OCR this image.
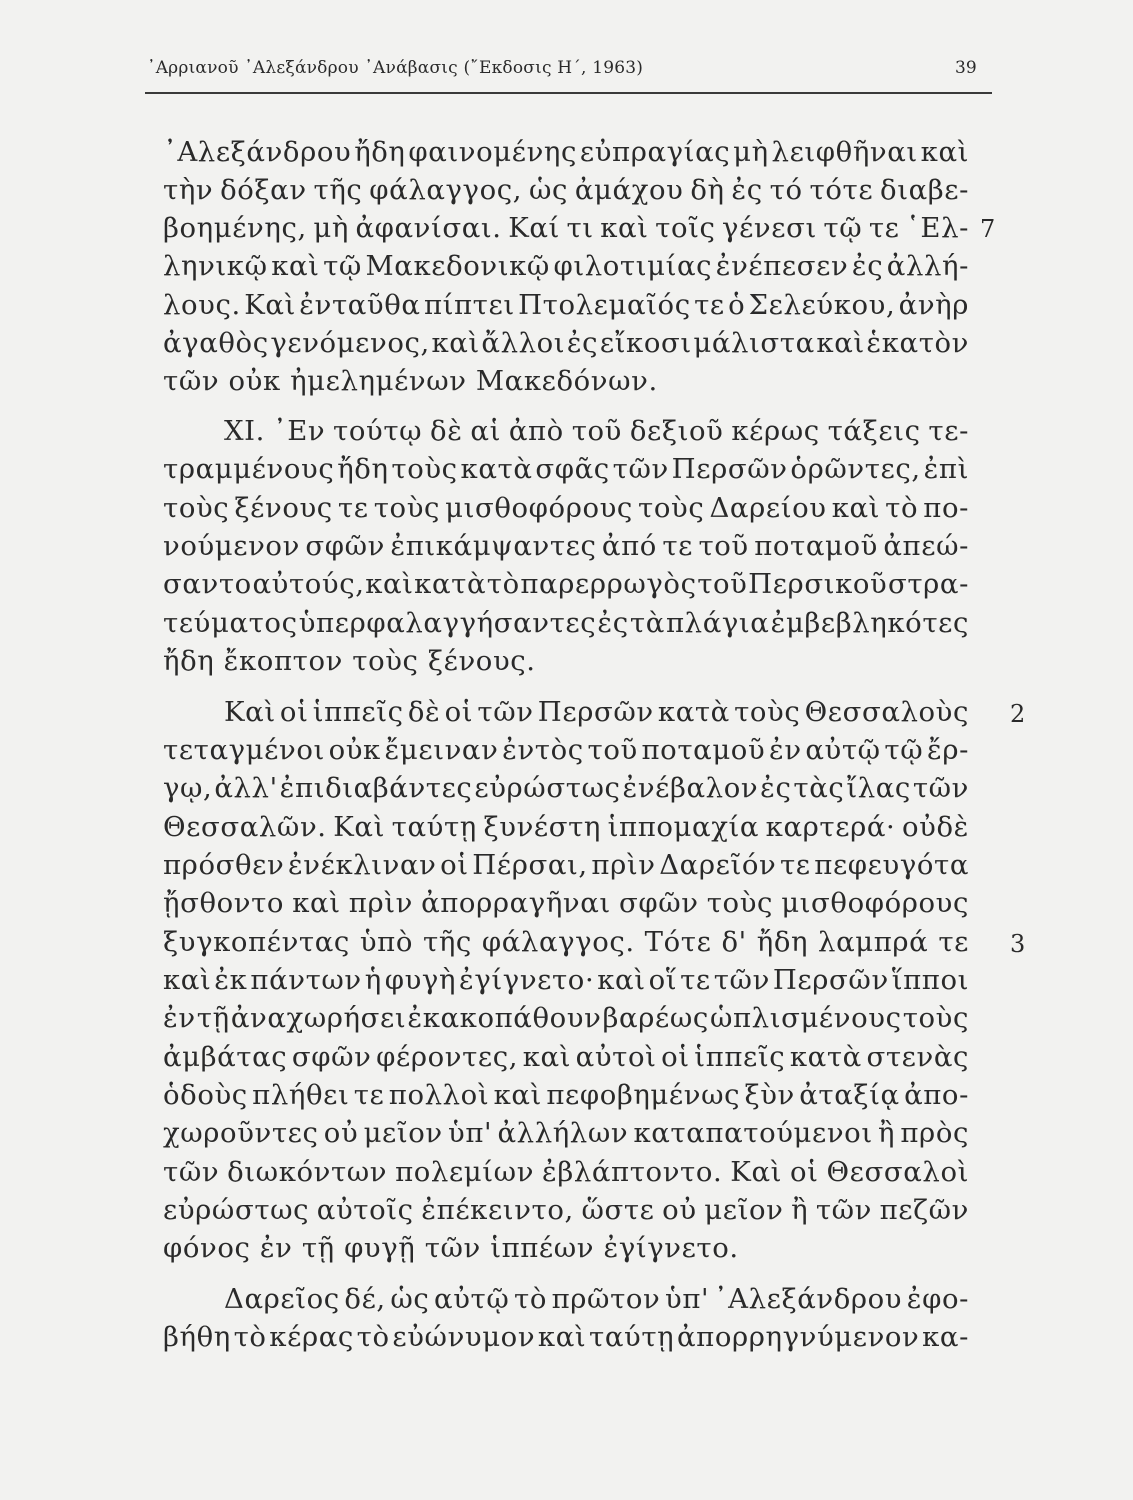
᾿Αρριανοῦ ᾿Αλεξάνδρου ᾿Ανάβασις (῎Εκδοσις Η΄, 1963)	39
᾿Αλεξάνδρου ἤδη φαινομένης εὐπραγίας μὴ λειφθῆναι καὶ
τὴν δόξαν τῆς φάλαγγος, ὡς ἀμάχου δὴ ἐς τό τότε διαβε-
βοημένης, μὴ ἀφανίσαι. Καί τι καὶ τοῖς γένεσι τῷ τε ῾Ελ-
ληνικῷ καὶ τῷ Μακεδονικῷ φιλοτιμίας ἐνέπεσεν ἐς ἀλλή-
λους. Καὶ ἐνταῦθα πίπτει Πτολεμαῖός τε ὁ Σελεύκου, ἀνὴρ
ἀγαθὸς γενόμενος, καὶ ἄλλοι ἐς εἴκοσι μάλιστα καὶ ἑκατὸν
τῶν οὐκ ἠμελημένων Μακεδόνων.
XI. ᾿Εν τούτῳ δὲ αἱ ἀπὸ τοῦ δεξιοῦ κέρως τάξεις τε-
τραμμένους ἤδη τοὺς κατὰ σφᾶς τῶν Περσῶν ὁρῶντες, ἐπὶ
τοὺς ξένους τε τοὺς μισθοφόρους τοὺς Δαρείου καὶ τὸ πο-
νούμενον σφῶν ἐπικάμψαντες ἀπό τε τοῦ ποταμοῦ ἀπεώ-
σαντο αὐτούς, καὶ κατὰ τὸ παρερρωγὸς τοῦ Περσικοῦ στρα-
τεύματος ὑπερφαλαγγήσαντες ἐς τὰ πλάγια ἐμβεβληκότες
ἤδη ἔκοπτον τοὺς ξένους.
Καὶ οἱ ἱππεῖς δὲ οἱ τῶν Περσῶν κατὰ τοὺς Θεσσαλοὺς
τεταγμένοι οὐκ ἔμειναν ἐντὸς τοῦ ποταμοῦ ἐν αὐτῷ τῷ ἔρ-
γῳ, ἀλλ' ἐπιδιαβάντες εὐρώστως ἐνέβαλον ἐς τὰς ἴλας τῶν
Θεσσαλῶν. Καὶ ταύτῃ ξυνέστη ἱππομαχία καρτερά· οὐδὲ
πρόσθεν ἐνέκλιναν οἱ Πέρσαι, πρὶν Δαρεῖόν τε πεφευγότα
ᾔσθοντο καὶ πρὶν ἀπορραγῆναι σφῶν τοὺς μισθοφόρους
ξυγκοπέντας ὑπὸ τῆς φάλαγγος. Τότε δ' ἤδη λαμπρά τε
καὶ ἐκ πάντων ἡ φυγὴ ἐγίγνετο· καὶ οἵ τε τῶν Περσῶν ἵπποι
ἐν τῇ ἀναχωρήσει ἐκακοπάθουν βαρέως ὡπλισμένους τοὺς
ἀμβάτας σφῶν φέροντες, καὶ αὐτοὶ οἱ ἱππεῖς κατὰ στενὰς
ὁδοὺς πλήθει τε πολλοὶ καὶ πεφοβημένως ξὺν ἀταξίᾳ ἀπο-
χωροῦντες οὐ μεῖον ὑπ' ἀλλήλων καταπατούμενοι ἢ πρὸς
τῶν διωκόντων πολεμίων ἐβλάπτοντο. Καὶ οἱ Θεσσαλοὶ
εὐρώστως αὐτοῖς ἐπέκειντο, ὥστε οὐ μεῖον ἢ τῶν πεζῶν
φόνος ἐν τῇ φυγῇ τῶν ἱππέων ἐγίγνετο.
Δαρεῖος δέ, ὡς αὐτῷ τὸ πρῶτον ὑπ' ᾿Αλεξάνδρου ἐφο-
βήθη τὸ κέρας τὸ εὐώνυμον καὶ ταύτῃ ἀπορρηγνύμενον κα-
7
2
3
